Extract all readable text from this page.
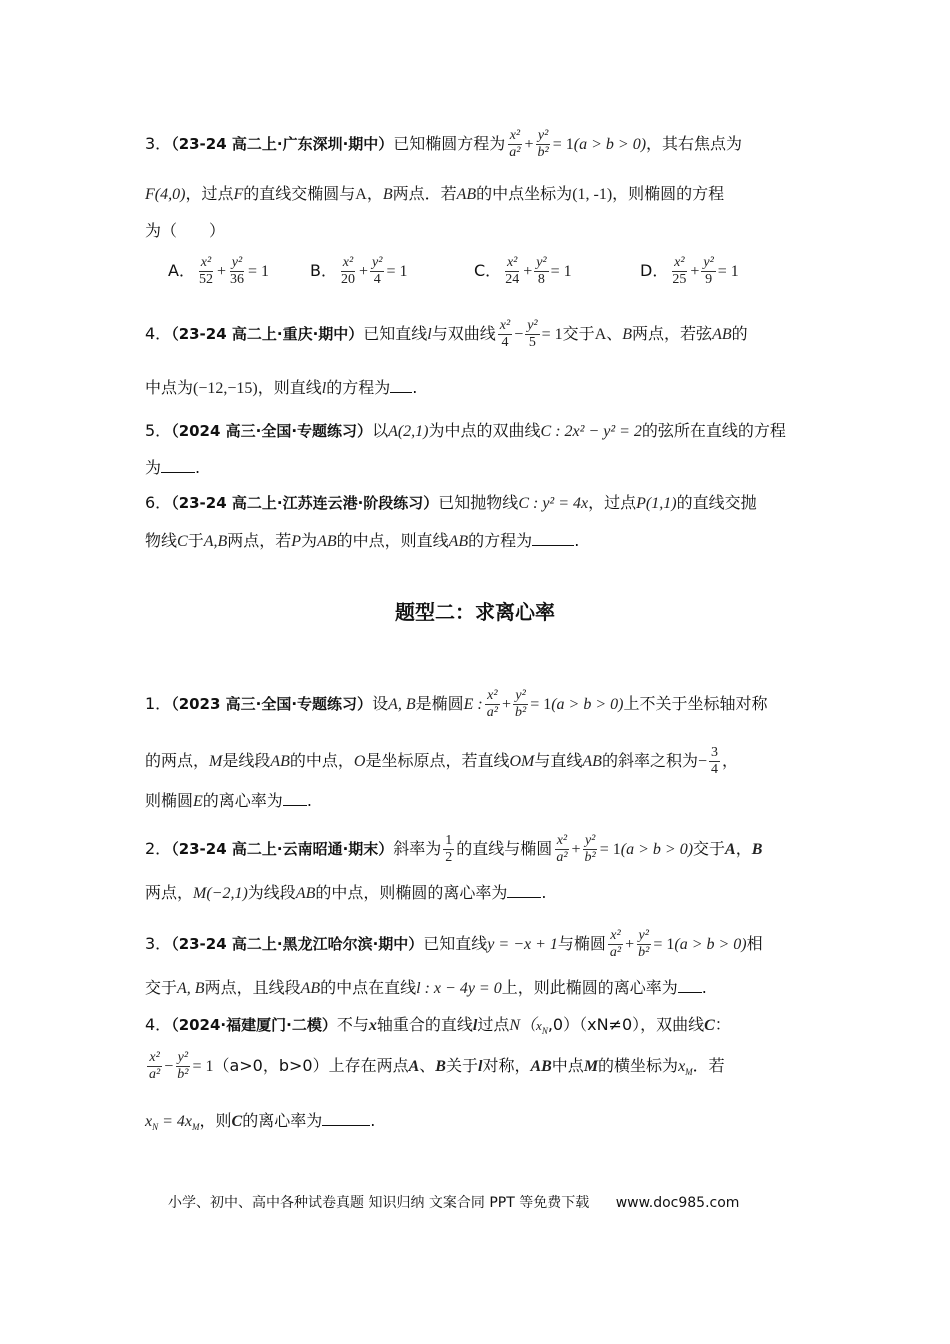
3．（23-24 高二上·广东深圳·期中）已知椭圆方程为 $\frac{\text{x²}}{\text{a²}} + \frac{\text{y²}}{\text{b²}} = 1(a > b > 0)$，其右焦点为
F(4,0)，过点F的直线交椭圆与A，B两点．若AB的中点坐标为(1, -1)，则椭圆的方程
为（　　）
A． $\frac{\text{x²}}{52} + \frac{\text{y²}}{36} = 1$	B． $\frac{\text{x²}}{20} + \frac{\text{y²}}{4} = 1$	C． $\frac{\text{x²}}{24} + \frac{\text{y²}}{8} = 1$	D． $\frac{\text{x²}}{25} + \frac{\text{y²}}{9} = 1$
4．（23-24 高二上·重庆·期中）已知直线l与双曲线 $\frac{\text{x²}}{4} - \frac{\text{y²}}{5} = 1$交于A、B两点，若弦AB的
中点为(−12,−15)，则直线l的方程为 .
5．（2024 高三·全国·专题练习）以A(2,1)为中点的双曲线C : 2x² − y² = 2的弦所在直线的方程
为 .
6．（23-24 高二上·江苏连云港·阶段练习）已知抛物线C : y² = 4x，过点P(1,1)的直线交抛
物线C于A,B两点，若P为AB的中点，则直线AB的方程为	.
题型二：求离心率
1．（2023 高三·全国·专题练习）设A, B是椭圆E : $\frac{\text{x²}}{\text{a²}} + \frac{\text{y²}}{\text{b²}} = 1(a > b > 0)$上不关于坐标轴对称
的两点，M是线段AB的中点，O是坐标原点，若直线OM与直线AB的斜率之积为− $\frac{3}{4}$ ，
则椭圆E的离心率为 .
2．（23-24 高二上·云南昭通·期末）斜率为 $\frac{1}{2}$ 的直线与椭圆 $\frac{\text{x²}}{\text{a²}} + \frac{\text{y²}}{\text{b²}} = 1(a > b > 0)$交于A，B
两点，M(−2,1)为线段AB的中点，则椭圆的离心率为 .
3．（23-24 高二上·黑龙江哈尔滨·期中）已知直线y = −x + 1与椭圆 $\frac{\text{x²}}{\text{a²}} + \frac{\text{y²}}{\text{b²}} = 1(a > b > 0)$相
交于A, B两点，且线段AB的中点在直线l : x − 4y = 0上，则此椭圆的离心率为 .
4．（2024·福建厦门·二模）不与x轴重合的直线l过点$N(x_N,0)(xN\ne 0)$，双曲线C：
$\frac{\text{x²}}{\text{a²}} - \frac{\text{y²}}{\text{b²}} = 1(a>0$，b>0）上存在两点A、B关于l对称，AB中点M的横坐标为$x_M$．若
$x_N = 4x_M$，则C的离心率为	.
小学、初中、高中各种试卷真题 知识归纳 文案合同 PPT 等免费下载 www.doc985.com
